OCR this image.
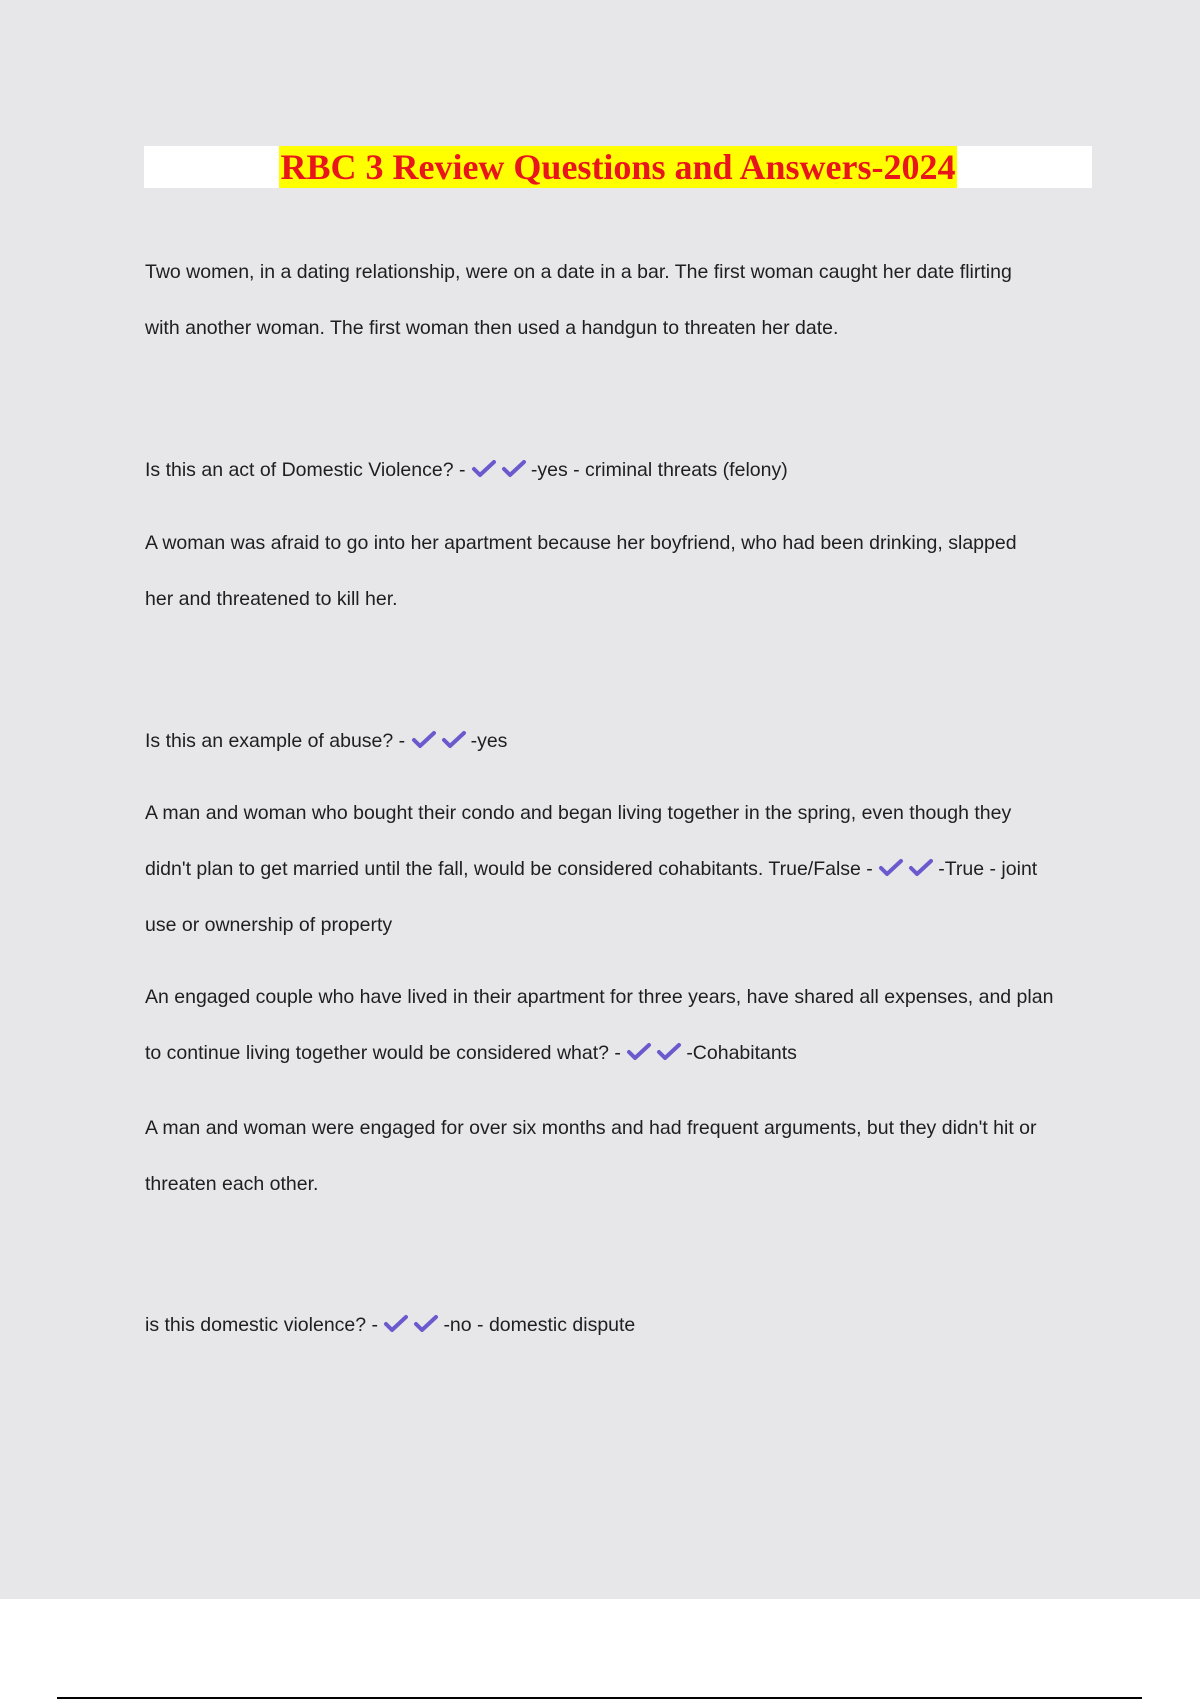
RBC 3 Review Questions and Answers-2024
Two women, in a dating relationship, were on a date in a bar. The first woman caught her date flirting
with another woman. The first woman then used a handgun to threaten her date.
Is this an act of Domestic Violence? -	-yes - criminal threats (felony)
A woman was afraid to go into her apartment because her boyfriend, who had been drinking, slapped
her and threatened to kill her.
Is this an example of abuse? -	-yes
A man and woman who bought their condo and began living together in the spring, even though they
didn't plan to get married until the fall, would be considered cohabitants. True/False -	-True - joint
use or ownership of property
An engaged couple who have lived in their apartment for three years, have shared all expenses, and plan
to continue living together would be considered what? -	-Cohabitants
A man and woman were engaged for over six months and had frequent arguments, but they didn't hit or
threaten each other.
is this domestic violence? -	-no - domestic dispute
